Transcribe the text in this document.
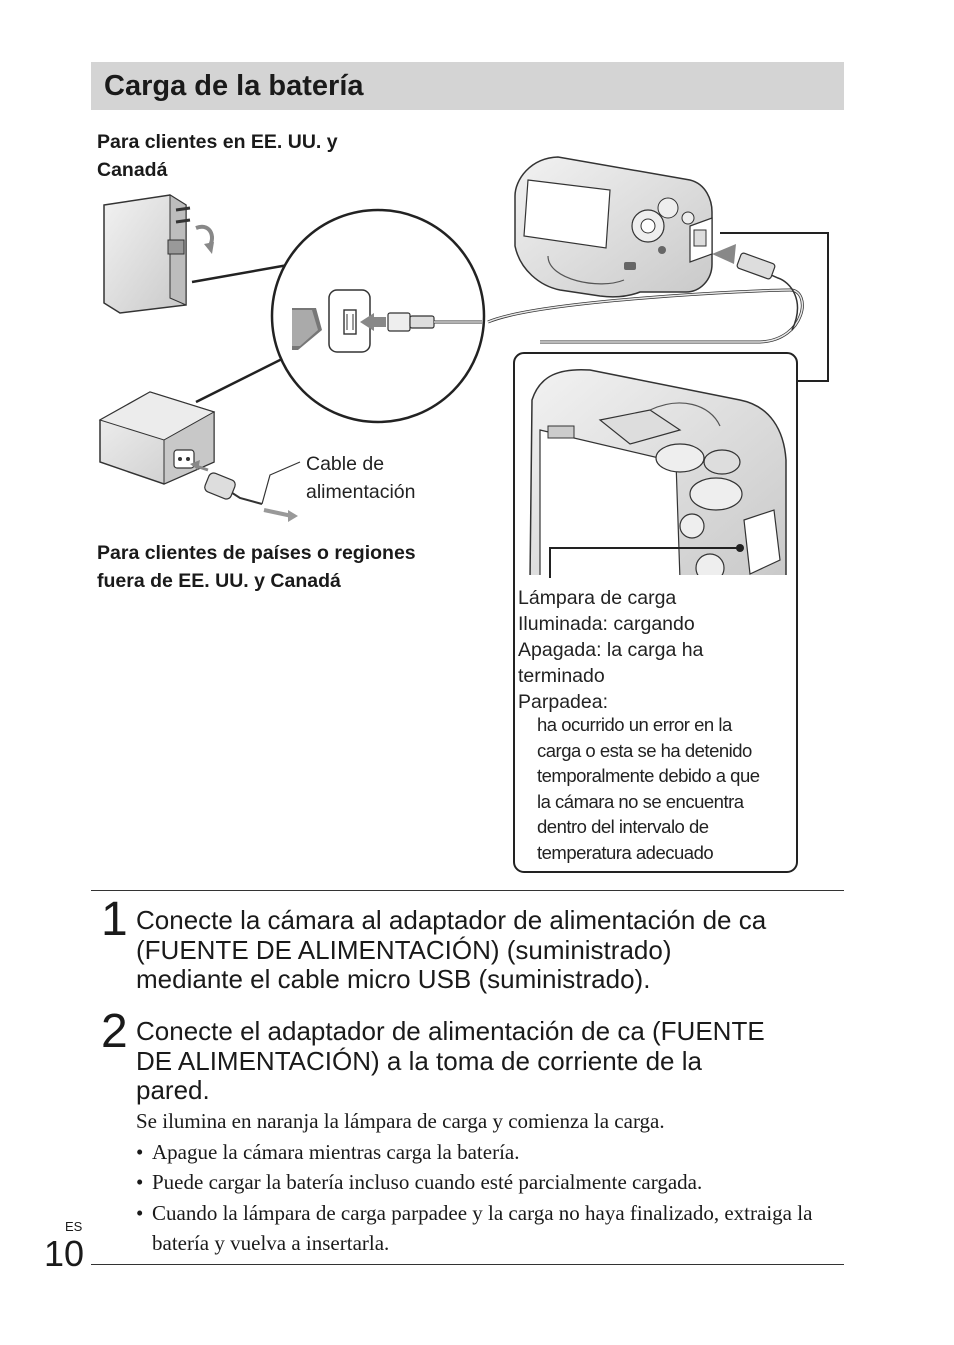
Carga de la batería
Para clientes en EE. UU. y
Canadá
Para clientes de países o regiones
fuera de EE. UU. y Canadá
Cable de
alimentación
Lámpara de carga
Iluminada: cargando
Apagada: la carga ha
terminado
Parpadea:
ha ocurrido un error en la
carga o esta se ha detenido
temporalmente debido a que
la cámara no se encuentra
dentro del intervalo de
temperatura adecuado
1 Conecte la cámara al adaptador de alimentación de ca
(FUENTE DE ALIMENTACIÓN) (suministrado)
mediante el cable micro USB (suministrado).
2 Conecte el adaptador de alimentación de ca (FUENTE
DE ALIMENTACIÓN) a la toma de corriente de la
pared.
Se ilumina en naranja la lámpara de carga y comienza la carga.
• Apague la cámara mientras carga la batería.
• Puede cargar la batería incluso cuando esté parcialmente cargada.
• Cuando la lámpara de carga parpadee y la carga no haya finalizado, extraiga la batería y vuelva a insertarla.
ES
10
